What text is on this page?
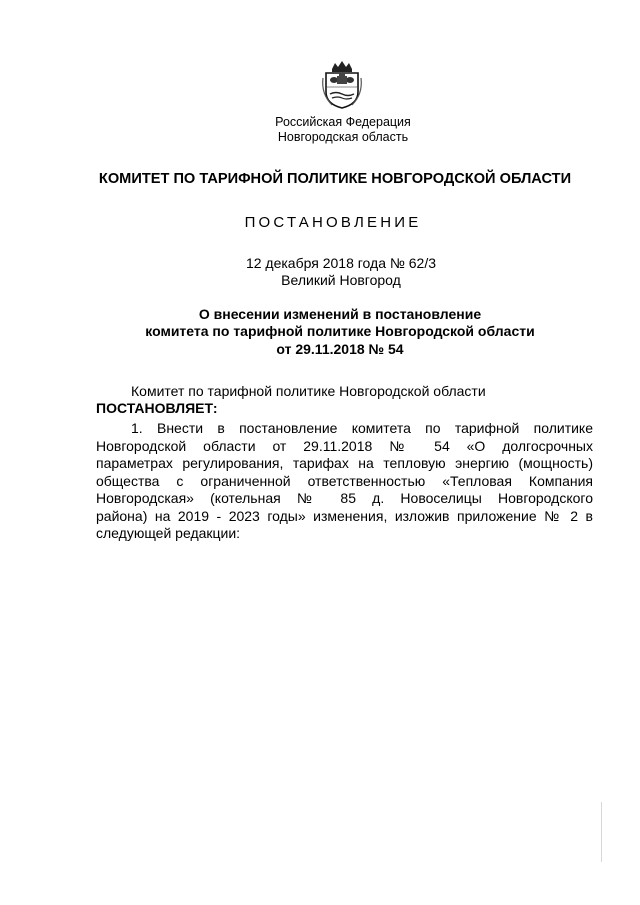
Российская Федерация
Новгородская область
КОМИТЕТ ПО ТАРИФНОЙ ПОЛИТИКЕ НОВГОРОДСКОЙ ОБЛАСТИ
ПОСТАНОВЛЕНИЕ
12 декабря 2018 года № 62/3
Великий Новгород
О внесении изменений в постановление
комитета по тарифной политике Новгородской области
от 29.11.2018 № 54
Комитет по тарифной политике Новгородской области
ПОСТАНОВЛЯЕТ:
1. Внести в постановление комитета по тарифной политике
Новгородской области от 29.11.2018 № 54 «О долгосрочных
параметрах регулирования, тарифах на тепловую энергию (мощность)
общества с ограниченной ответственностью «Тепловая Компания
Новгородская» (котельная № 85 д. Новоселицы Новгородского
района) на 2019 - 2023 годы» изменения, изложив приложение № 2 в
следующей редакции:
